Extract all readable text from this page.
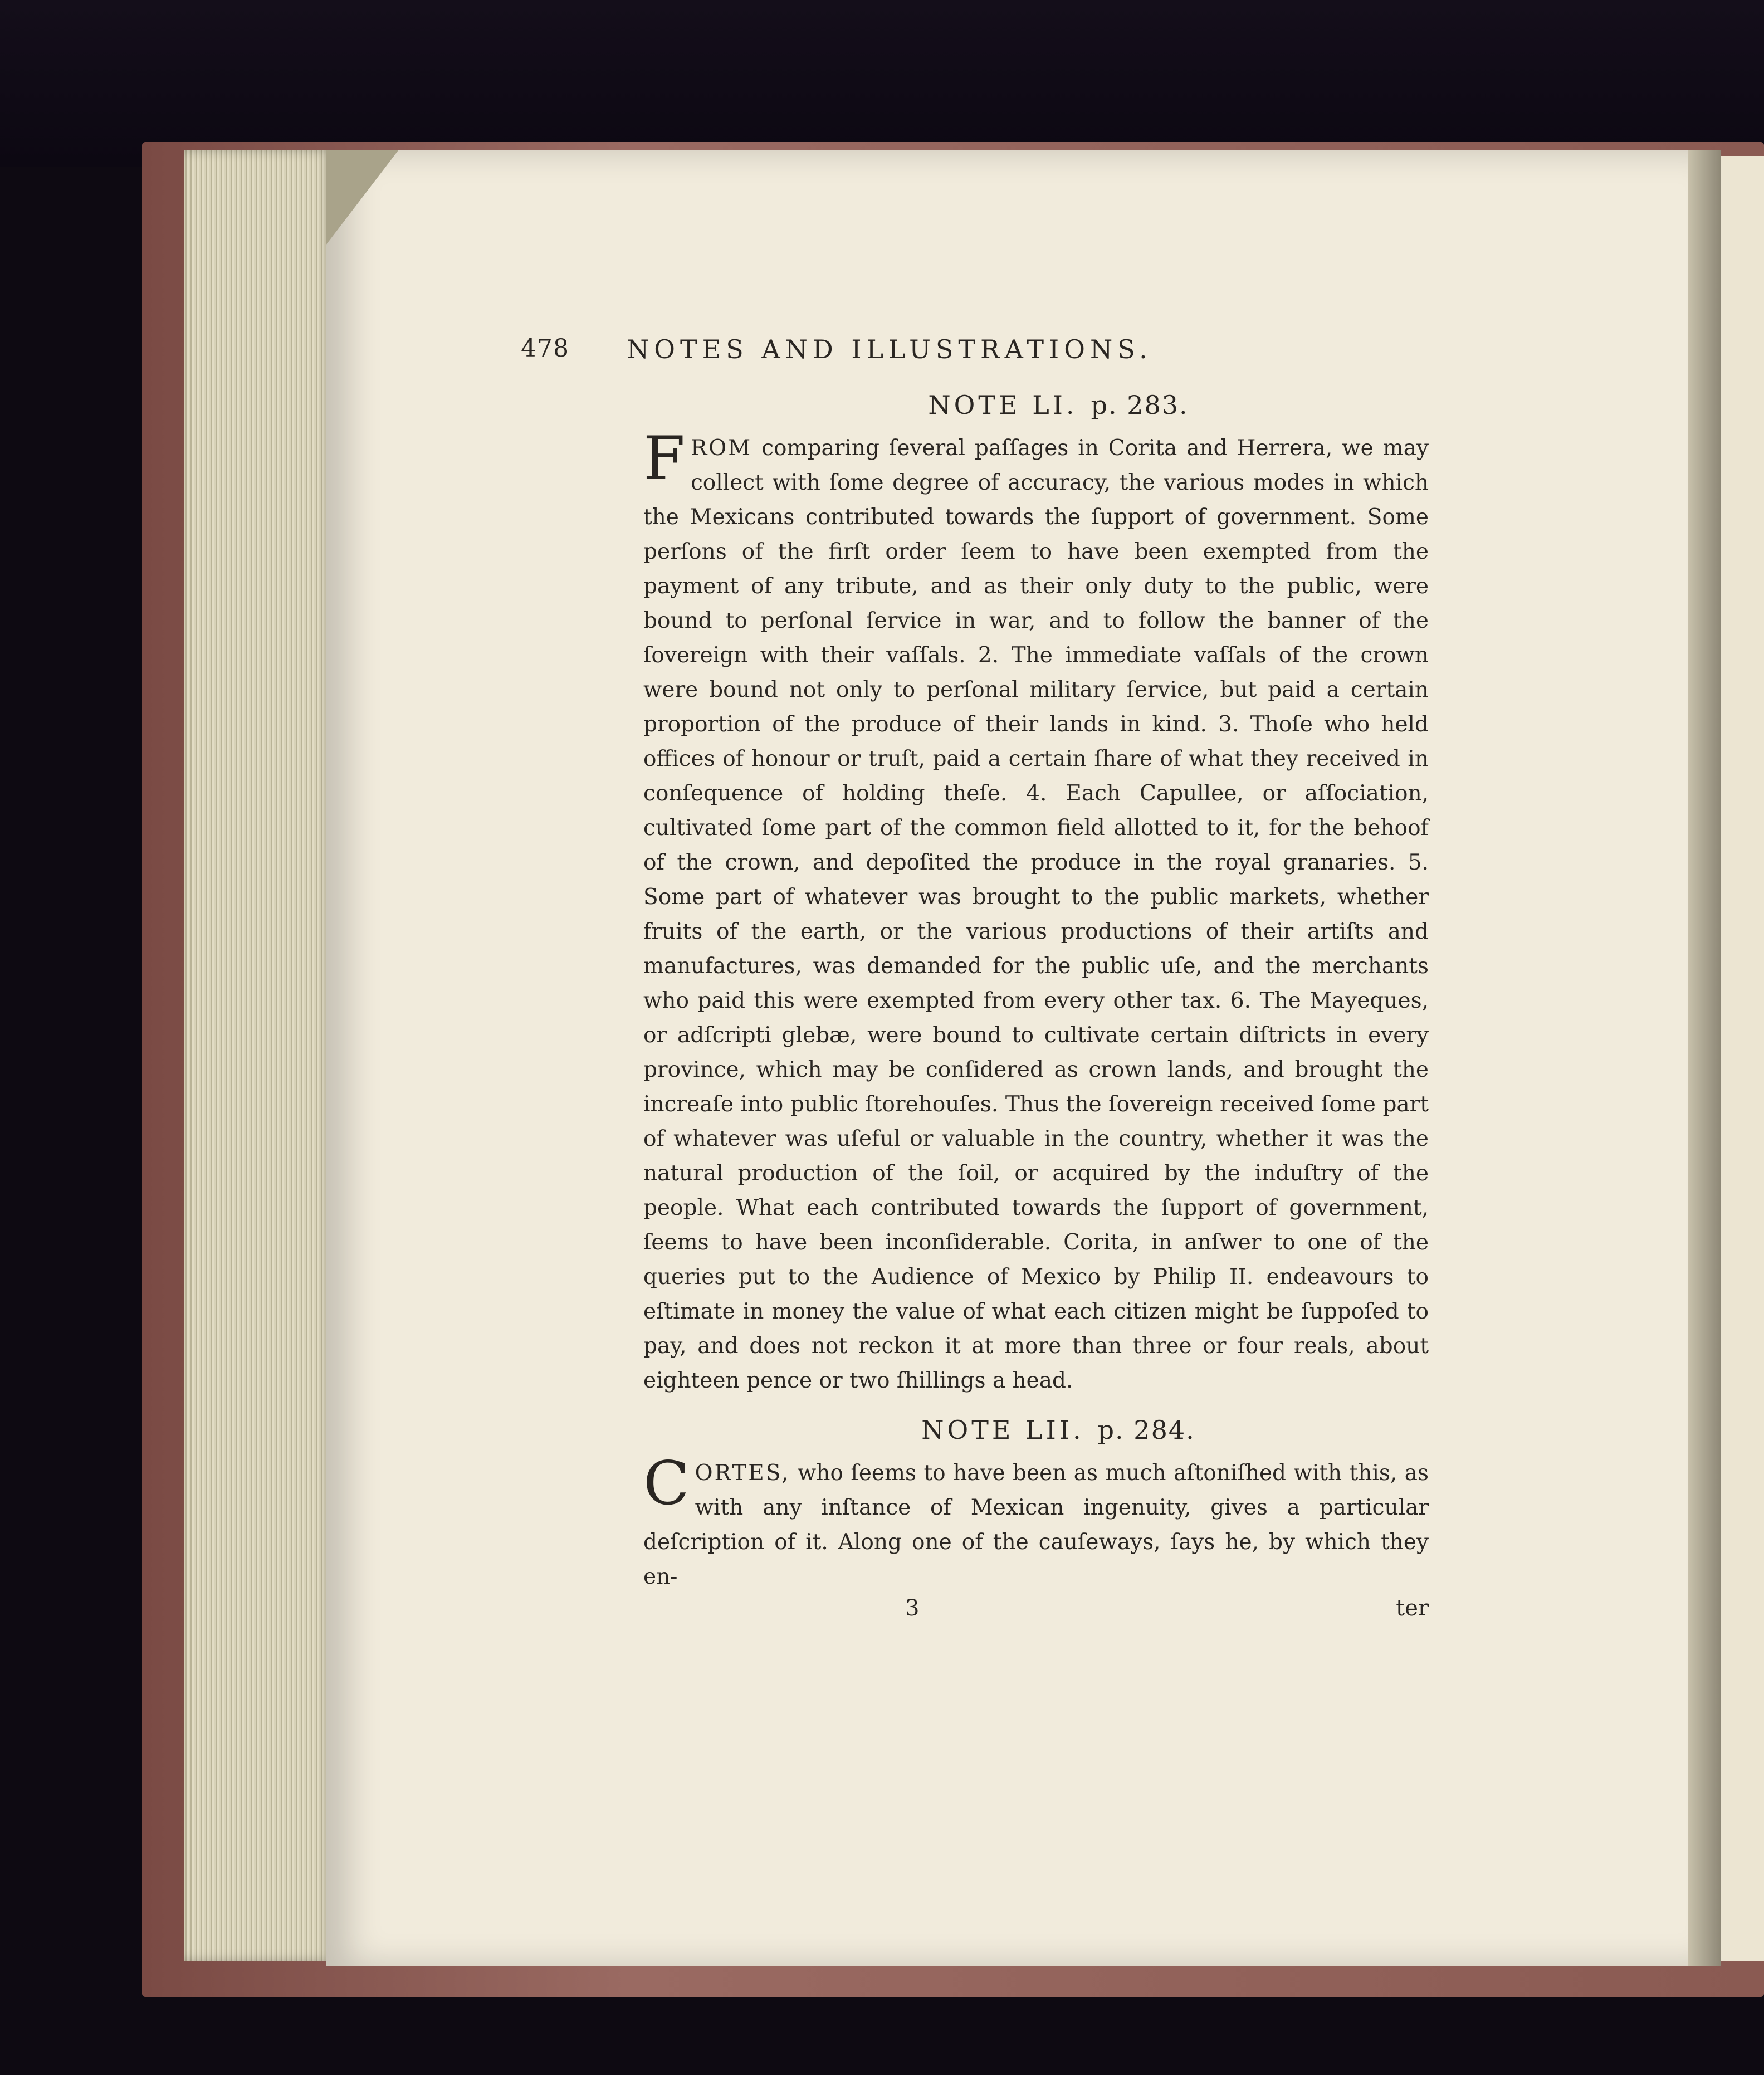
478 NOTES AND ILLUSTRATIONS.
NOTE LI. p. 283.

FROM comparing ſeveral paſſages in Corita and Herrera, we may collect with ſome degree of accuracy, the various modes in which the Mexicans contributed towards the ſupport of government. Some perſons of the firſt order ſeem to have been exempted from the payment of any tribute, and as their only duty to the public, were bound to perſonal ſervice in war, and to follow the banner of the ſovereign with their vaſſals. 2. The immediate vaſſals of the crown were bound not only to perſonal military ſervice, but paid a certain proportion of the produce of their lands in kind. 3. Thoſe who held offices of honour or truſt, paid a certain ſhare of what they received in conſequence of holding theſe. 4. Each Capullee, or aſſociation, cultivated ſome part of the common field allotted to it, for the behoof of the crown, and depoſited the produce in the royal granaries. 5. Some part of whatever was brought to the public markets, whether fruits of the earth, or the various productions of their artiſts and manufactures, was demanded for the public uſe, and the merchants who paid this were exempted from every other tax. 6. The Mayeques, or adſcripti glebæ, were bound to cultivate certain diſtricts in every province, which may be conſidered as crown lands, and brought the increaſe into public ſtorehouſes. Thus the ſovereign received ſome part of whatever was uſeful or valuable in the country, whether it was the natural production of the ſoil, or acquired by the induſtry of the people. What each contributed towards the ſupport of government, ſeems to have been inconſiderable. Corita, in anſwer to one of the queries put to the Audience of Mexico by Philip II. endeavours to eſtimate in money the value of what each citizen might be ſuppoſed to pay, and does not reckon it at more than three or four reals, about eighteen pence or two ſhillings a head.

NOTE LII. p. 284.

CORTES, who ſeems to have been as much aſtoniſhed with this, as with any inſtance of Mexican ingenuity, gives a particular deſcription of it. Along one of the cauſeways, ſays he, by which they en-

3	ter
